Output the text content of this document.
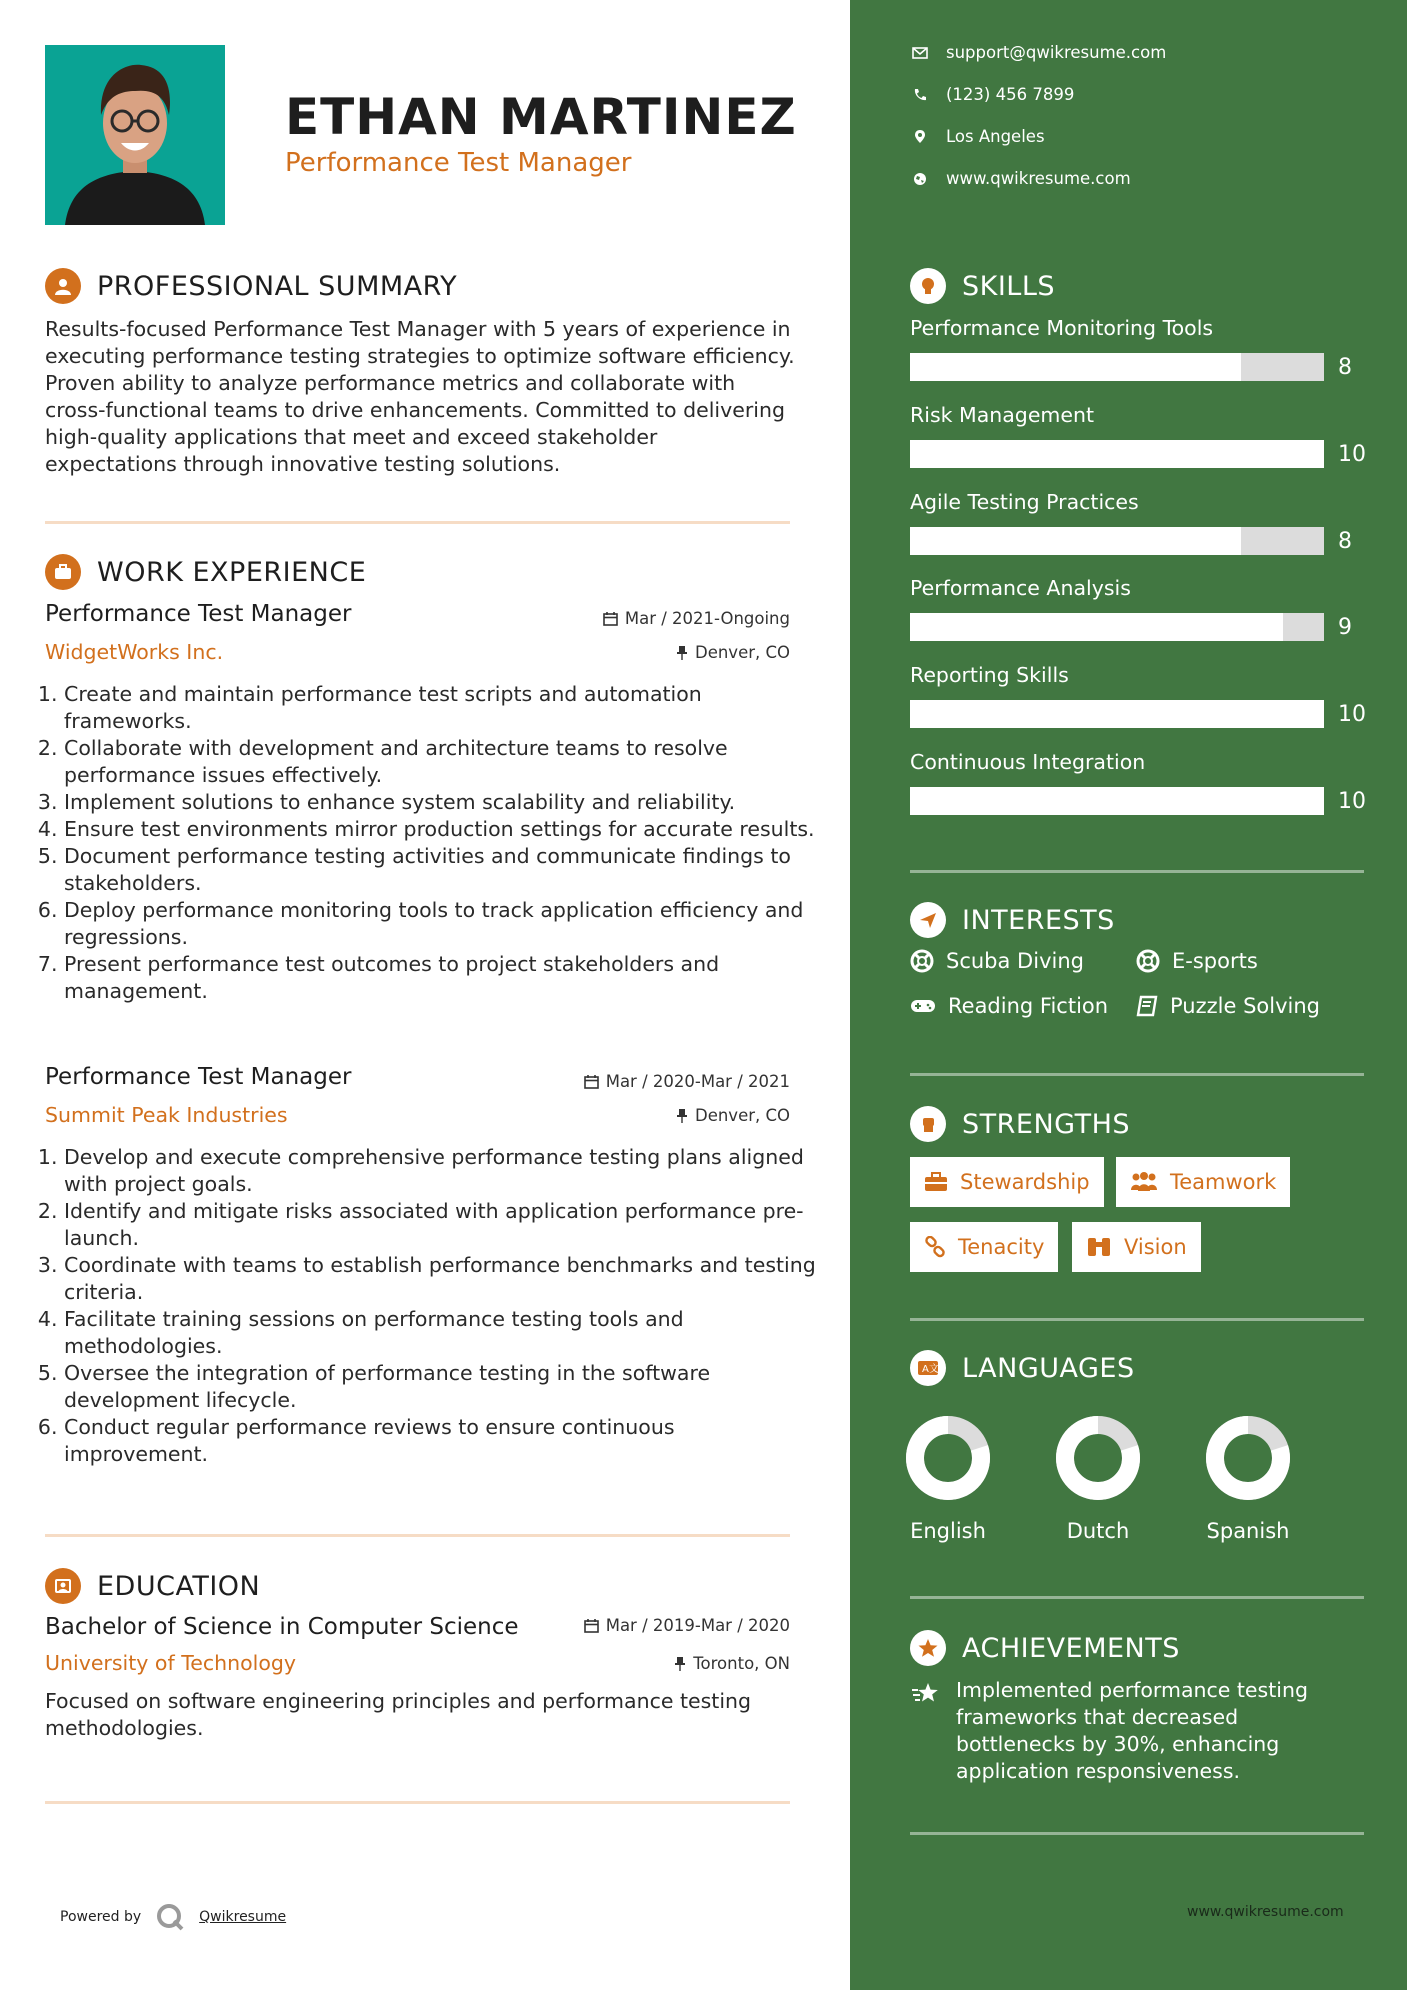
ETHAN MARTINEZ
Performance Test Manager
PROFESSIONAL SUMMARY
Results-focused Performance Test Manager with 5 years of experience in executing performance testing strategies to optimize software efficiency. Proven ability to analyze performance metrics and collaborate with cross-functional teams to drive enhancements. Committed to delivering high-quality applications that meet and exceed stakeholder expectations through innovative testing solutions.
WORK EXPERIENCE
Performance Test Manager	Mar / 2021-Ongoing
WidgetWorks Inc.	Denver, CO
1. Create and maintain performance test scripts and automation frameworks.
2. Collaborate with development and architecture teams to resolve performance issues effectively.
3. Implement solutions to enhance system scalability and reliability.
4. Ensure test environments mirror production settings for accurate results.
5. Document performance testing activities and communicate findings to stakeholders.
6. Deploy performance monitoring tools to track application efficiency and regressions.
7. Present performance test outcomes to project stakeholders and management.
Performance Test Manager	Mar / 2020-Mar / 2021
Summit Peak Industries	Denver, CO
1. Develop and execute comprehensive performance testing plans aligned with project goals.
2. Identify and mitigate risks associated with application performance pre-launch.
3. Coordinate with teams to establish performance benchmarks and testing criteria.
4. Facilitate training sessions on performance testing tools and methodologies.
5. Oversee the integration of performance testing in the software development lifecycle.
6. Conduct regular performance reviews to ensure continuous improvement.
EDUCATION
Bachelor of Science in Computer Science	Mar / 2019-Mar / 2020
University of Technology	Toronto, ON
Focused on software engineering principles and performance testing methodologies.
Powered by	Qwikresume
support@qwikresume.com
(123) 456 7899
Los Angeles
www.qwikresume.com
SKILLS
Performance Monitoring Tools
8
Risk Management
10
Agile Testing Practices
8
Performance Analysis
9
Reporting Skills
10
Continuous Integration
10
INTERESTS
Scuba Diving	E-sports
Reading Fiction	Puzzle Solving
STRENGTHS
Stewardship	Teamwork
Tenacity	Vision
A 文 LANGUAGES
English	Dutch	Spanish
ACHIEVEMENTS
Implemented performance testing frameworks that decreased bottlenecks by 30%, enhancing application responsiveness.
www.qwikresume.com
